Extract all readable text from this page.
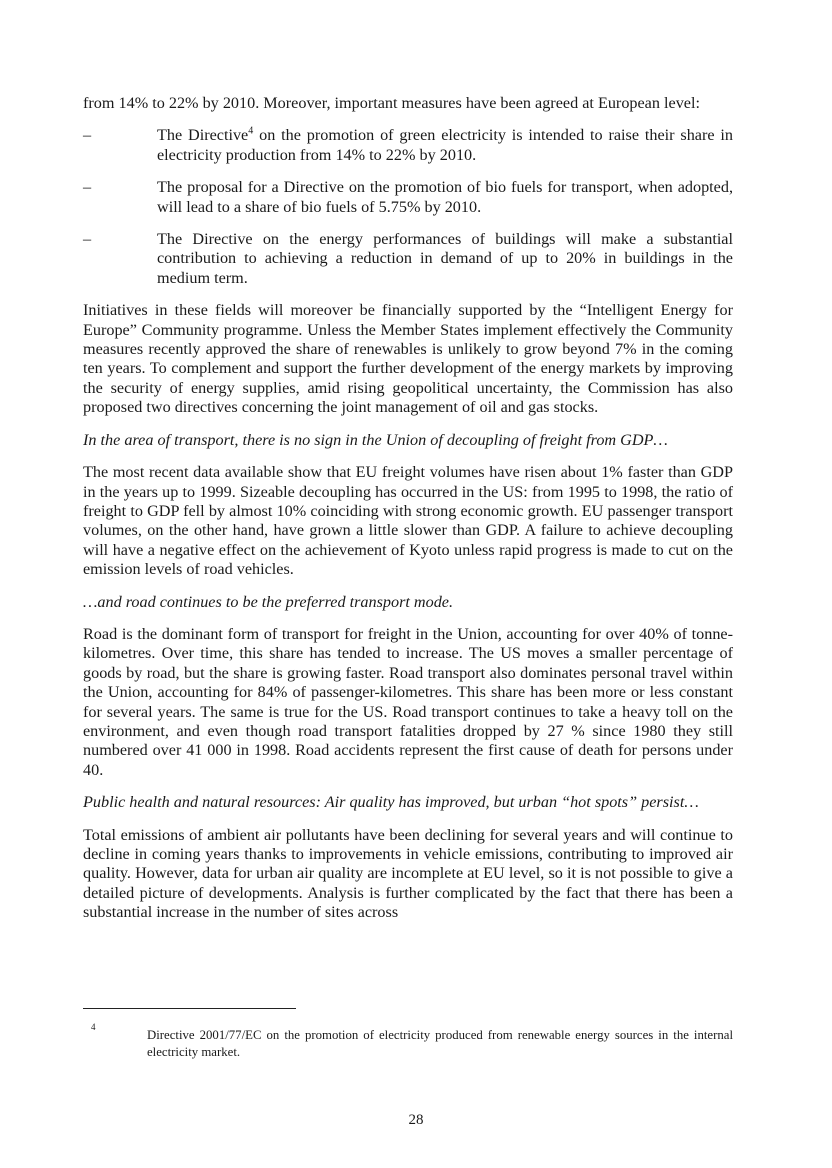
from 14% to 22% by 2010. Moreover, important measures have been agreed at European level:

–	The Directive$^4$ on the promotion of green electricity is intended to raise their share in electricity production from 14% to 22% by 2010.

–	The proposal for a Directive on the promotion of bio fuels for transport, when adopted, will lead to a share of bio fuels of 5.75% by 2010.

–	The Directive on the energy performances of buildings will make a substantial contribution to achieving a reduction in demand of up to 20% in buildings in the medium term.

Initiatives in these fields will moreover be financially supported by the “Intelligent Energy for Europe” Community programme. Unless the Member States implement effectively the Community measures recently approved the share of renewables is unlikely to grow beyond 7% in the coming ten years. To complement and support the further development of the energy markets by improving the security of energy supplies, amid rising geopolitical uncertainty, the Commission has also proposed two directives concerning the joint management of oil and gas stocks.

In the area of transport, there is no sign in the Union of decoupling of freight from GDP…

The most recent data available show that EU freight volumes have risen about 1% faster than GDP in the years up to 1999. Sizeable decoupling has occurred in the US: from 1995 to 1998, the ratio of freight to GDP fell by almost 10% coinciding with strong economic growth. EU passenger transport volumes, on the other hand, have grown a little slower than GDP. A failure to achieve decoupling will have a negative effect on the achievement of Kyoto unless rapid progress is made to cut on the emission levels of road vehicles.

…and road continues to be the preferred transport mode.

Road is the dominant form of transport for freight in the Union, accounting for over 40% of tonne-kilometres. Over time, this share has tended to increase. The US moves a smaller percentage of goods by road, but the share is growing faster. Road transport also dominates personal travel within the Union, accounting for 84% of passenger-kilometres. This share has been more or less constant for several years. The same is true for the US. Road transport continues to take a heavy toll on the environment, and even though road transport fatalities dropped by 27 % since 1980 they still numbered over 41 000 in 1998. Road accidents represent the first cause of death for persons under 40.

Public health and natural resources: Air quality has improved, but urban “hot spots” persist…

Total emissions of ambient air pollutants have been declining for several years and will continue to decline in coming years thanks to improvements in vehicle emissions, contributing to improved air quality. However, data for urban air quality are incomplete at EU level, so it is not possible to give a detailed picture of developments. Analysis is further complicated by the fact that there has been a substantial increase in the number of sites across

4

Directive 2001/77/EC on the promotion of electricity produced from renewable energy sources in the internal electricity market.

28
